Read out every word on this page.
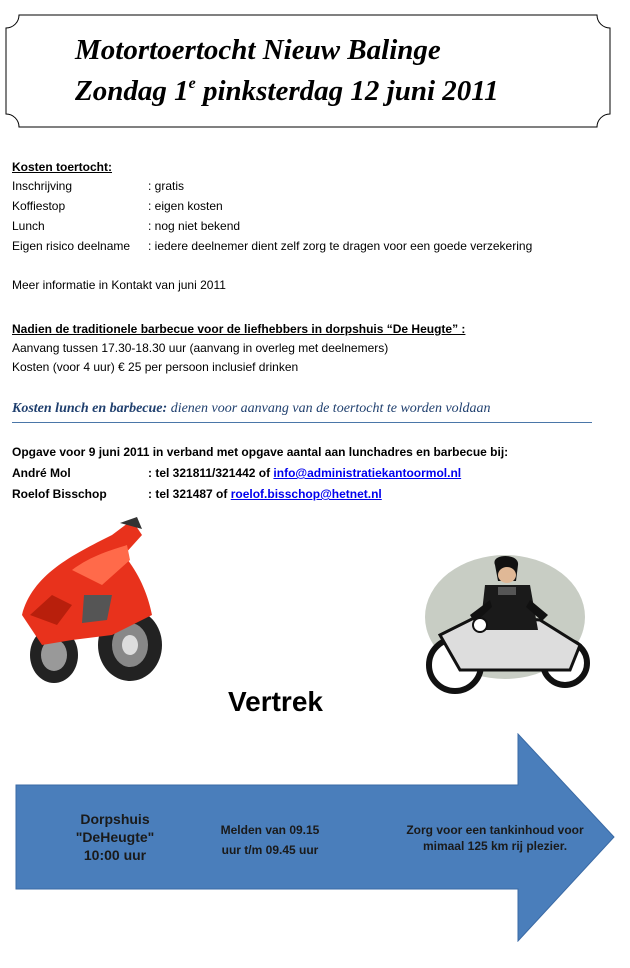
Motortoertocht Nieuw Balinge
Zondag 1e pinksterdag 12 juni 2011
Kosten toertocht:
Inschrijving	: gratis
Koffiestop	: eigen kosten
Lunch	: nog niet bekend
Eigen risico deelname : iedere deelnemer dient zelf zorg te dragen voor een goede verzekering
Meer informatie in Kontakt van juni 2011
Nadien de traditionele barbecue voor de liefhebbers in dorpshuis “De Heugte” :
Aanvang tussen 17.30-18.30 uur (aanvang in overleg met deelnemers)
Kosten (voor 4 uur) € 25 per persoon inclusief drinken
Kosten lunch en barbecue: dienen voor aanvang van de toertocht te worden voldaan
Opgave voor 9 juni 2011 in verband met opgave aantal aan lunchadres en barbecue bij:
André Mol	: tel 321811/321442 of info@administratiekantoormol.nl
Roelof Bisschop	: tel 321487 of roelof.bisschop@hetnet.nl
Vertrek
Dorpshuis
"DeHeugte"
10:00 uur
Melden van 09.15
uur t/m 09.45 uur
Zorg voor een tankinhoud voor
mimaal 125 km rij plezier.
